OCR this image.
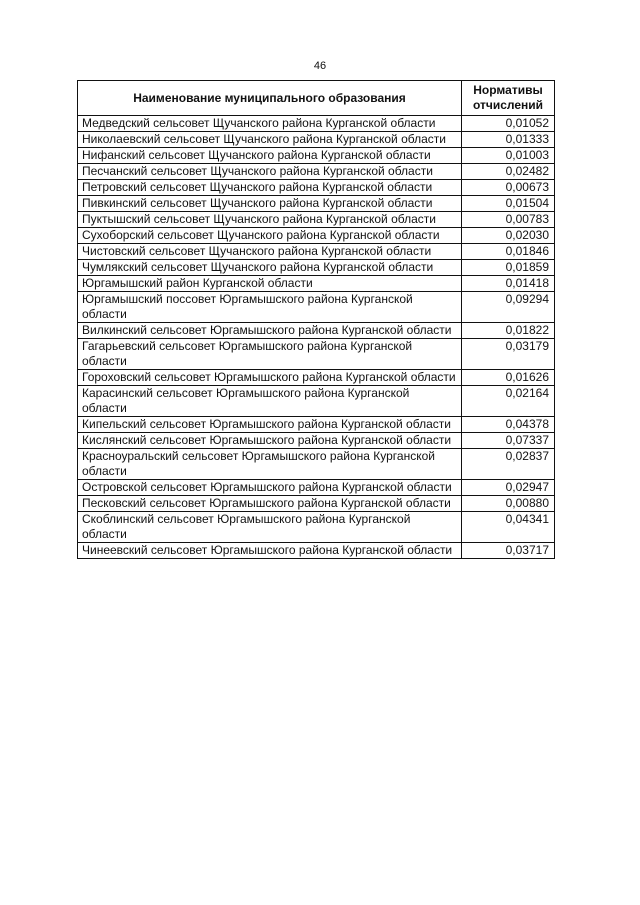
46
Наименование муниципального образования	Нормативы отчислений
Медведский сельсовет Щучанского района Курганской области	0,01052
Николаевский сельсовет Щучанского района Курганской области	0,01333
Нифанский сельсовет Щучанского района Курганской области	0,01003
Песчанский сельсовет Щучанского района Курганской области	0,02482
Петровский сельсовет Щучанского района Курганской области	0,00673
Пивкинский сельсовет Щучанского района Курганской области	0,01504
Пуктышский сельсовет Щучанского района Курганской области	0,00783
Сухоборский сельсовет Щучанского района Курганской области	0,02030
Чистовский сельсовет Щучанского района Курганской области	0,01846
Чумлякский сельсовет Щучанского района Курганской области	0,01859
Юргамышский район Курганской области	0,01418
Юргамышский поссовет Юргамышского района Курганской области	0,09294
Вилкинский сельсовет Юргамышского района Курганской области	0,01822
Гагарьевский сельсовет Юргамышского района Курганской области	0,03179
Гороховский сельсовет Юргамышского района Курганской области	0,01626
Карасинский сельсовет Юргамышского района Курганской области	0,02164
Кипельский сельсовет Юргамышского района Курганской области	0,04378
Кислянский сельсовет Юргамышского района Курганской области	0,07337
Красноуральский сельсовет Юргамышского района Курганской области	0,02837
Островской сельсовет Юргамышского района Курганской области	0,02947
Песковский сельсовет Юргамышского района Курганской области	0,00880
Скоблинский сельсовет Юргамышского района Курганской области	0,04341
Чинеевский сельсовет Юргамышского района Курганской области	0,03717
